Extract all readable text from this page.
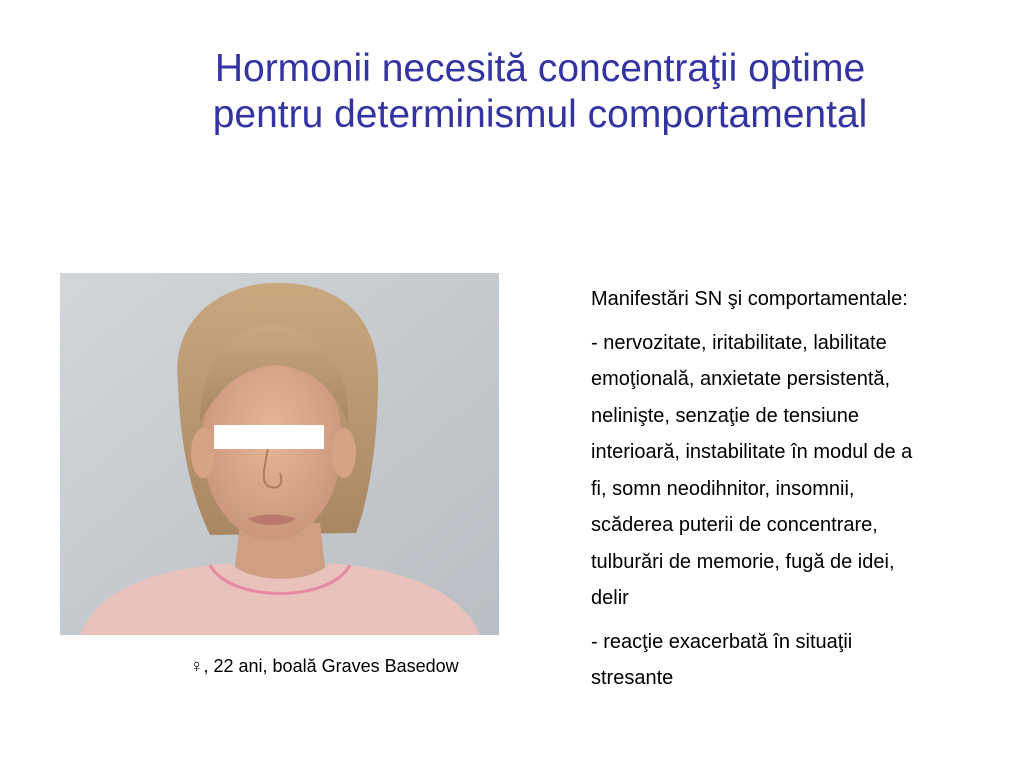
Hormonii necesită concentraţii optime
pentru determinismul comportamental
♀, 22 ani, boală Graves Basedow

Manifestări SN şi comportamentale:

- nervozitate, iritabilitate, labilitate
emoţională, anxietate persistentă,
nelinişte, senzaţie de tensiune
interioară, instabilitate în modul de a
fi, somn neodihnitor, insomnii,
scăderea puterii de concentrare,
tulburări de memorie, fugă de idei,
delir

- reacţie exacerbată în situaţii
stresante
